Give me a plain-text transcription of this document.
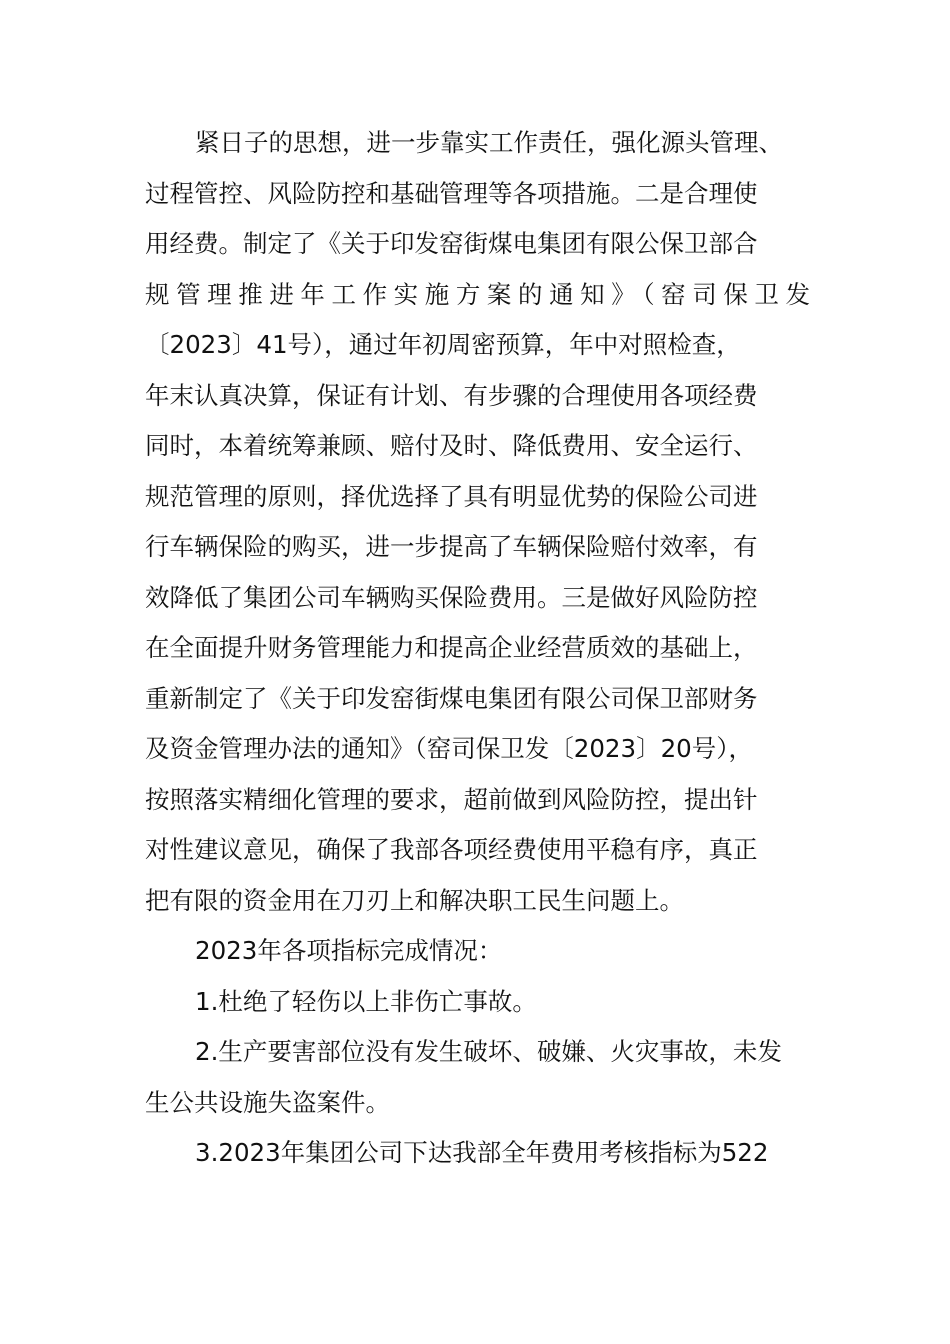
紧日子的思想，进一步靠实工作责任，强化源头管理、
过程管控、风险防控和基础管理等各项措施。二是合理使
用经费。制定了《关于印发窑街煤电集团有限公保卫部合
规管理推进年工作实施方案的通知》（窑司保卫发
〔2023〕41号），通过年初周密预算，年中对照检查，
年末认真决算，保证有计划、有步骤的合理使用各项经费
同时，本着统筹兼顾、赔付及时、降低费用、安全运行、
规范管理的原则，择优选择了具有明显优势的保险公司进
行车辆保险的购买，进一步提高了车辆保险赔付效率，有
效降低了集团公司车辆购买保险费用。三是做好风险防控
在全面提升财务管理能力和提高企业经营质效的基础上，
重新制定了《关于印发窑街煤电集团有限公司保卫部财务
及资金管理办法的通知》（窑司保卫发〔2023〕20号），
按照落实精细化管理的要求，超前做到风险防控，提出针
对性建议意见，确保了我部各项经费使用平稳有序，真正
把有限的资金用在刀刃上和解决职工民生问题上。
2023年各项指标完成情况：
1.杜绝了轻伤以上非伤亡事故。
2.生产要害部位没有发生破坏、破嫌、火灾事故，未发
生公共设施失盗案件。
3.2023年集团公司下达我部全年费用考核指标为522
